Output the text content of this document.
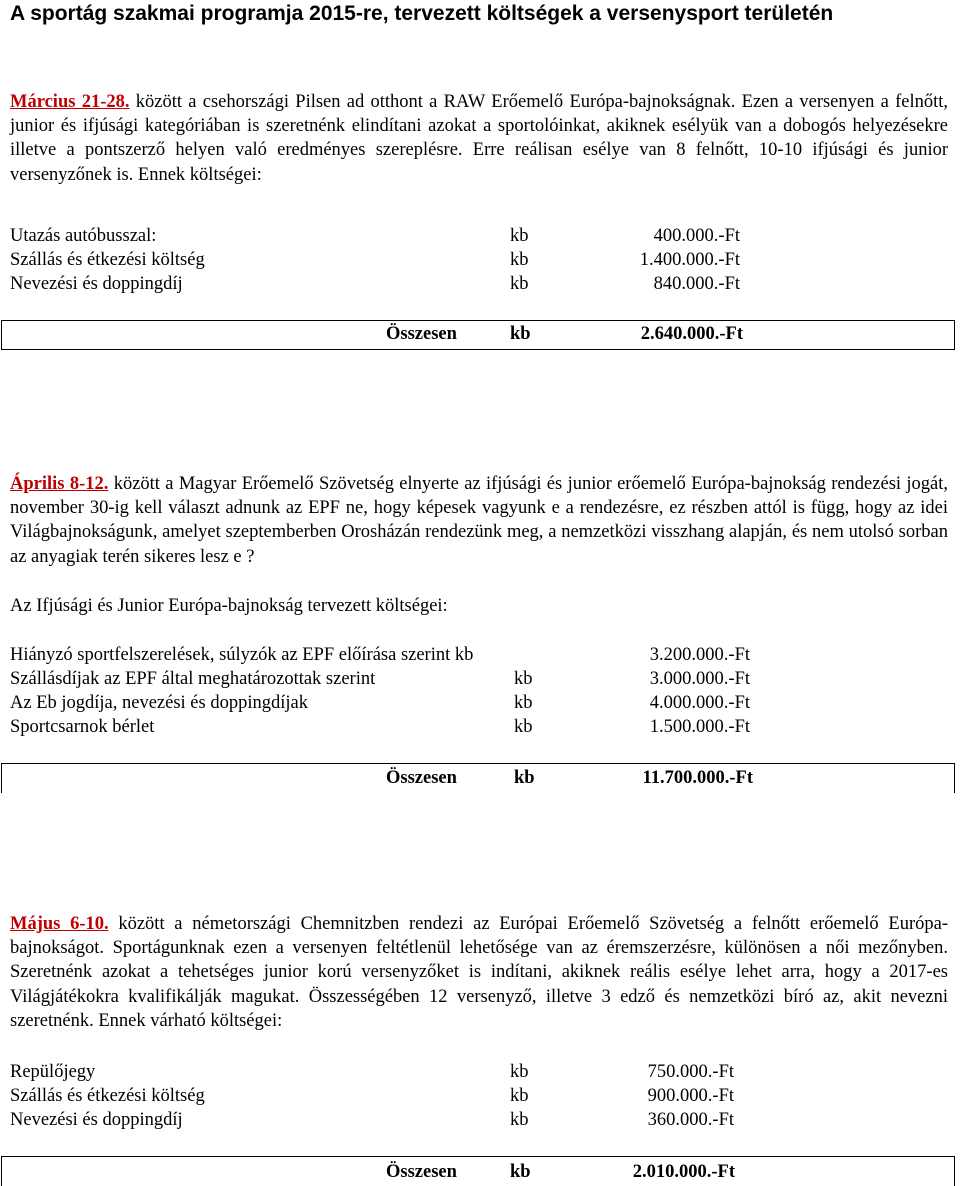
A sportág szakmai programja 2015-re, tervezett költségek a versenysport területén

Március 21-28. között a csehországi Pilsen ad otthont a RAW Erőemelő Európa-bajnokságnak. Ezen a versenyen a felnőtt, junior és ifjúsági kategóriában is szeretnénk elindítani azokat a sportolóinkat, akiknek esélyük van a dobogós helyezésekre illetve a pontszerző helyen való eredményes szereplésre. Erre reálisan esélye van 8 felnőtt, 10-10 ifjúsági és junior versenyzőnek is. Ennek költségei:

Utazás autóbusszal:	kb	400.000.-Ft
Szállás és étkezési költség	kb	1.400.000.-Ft
Nevezési és doppingdíj	kb	840.000.-Ft
Összesen	kb	2.640.000.-Ft

Április 8-12. között a Magyar Erőemelő Szövetség elnyerte az ifjúsági és junior erőemelő Európa-bajnokság rendezési jogát, november 30-ig kell választ adnunk az EPF ne, hogy képesek vagyunk e a rendezésre, ez részben attól is függ, hogy az idei Világbajnokságunk, amelyet szeptemberben Orosházán rendezünk meg, a nemzetközi visszhang alapján, és nem utolsó sorban az anyagiak terén sikeres lesz e ?

Az Ifjúsági és Junior Európa-bajnokság tervezett költségei:
Hiányzó sportfelszerelések, súlyzók az EPF előírása szerint kb	3.200.000.-Ft
Szállásdíjak az EPF által meghatározottak szerint	kb	3.000.000.-Ft
Az Eb jogdíja, nevezési és doppingdíjak	kb	4.000.000.-Ft
Sportcsarnok bérlet	kb	1.500.000.-Ft
Összesen	kb	11.700.000.-Ft

Május 6-10. között a németországi Chemnitzben rendezi az Európai Erőemelő Szövetség a felnőtt erőemelő Európa-bajnokságot. Sportágunknak ezen a versenyen feltétlenül lehetősége van az éremszerzésre, különösen a női mezőnyben. Szeretnénk azokat a tehetséges junior korú versenyzőket is indítani, akiknek reális esélye lehet arra, hogy a 2017-es Világjátékokra kvalifikálják magukat. Összességében 12 versenyző, illetve 3 edző és nemzetközi bíró az, akit nevezni szeretnénk. Ennek várható költségei:

Repülőjegy	kb	750.000.-Ft
Szállás és étkezési költség	kb	900.000.-Ft
Nevezési és doppingdíj	kb	360.000.-Ft
Összesen	kb	2.010.000.-Ft
